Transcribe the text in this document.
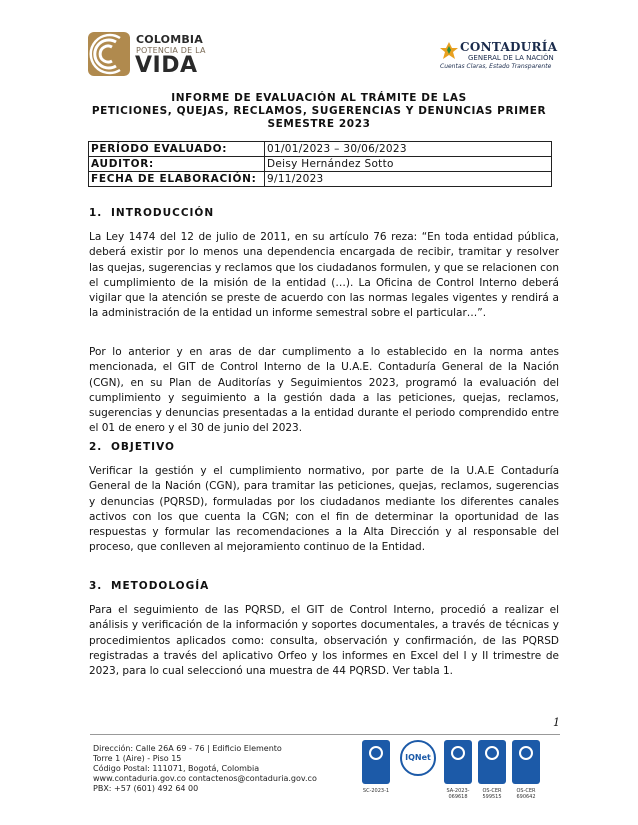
COLOMBIA
POTENCIA DE LA
VIDA
CONTADURÍA
GENERAL DE LA NACIÓN
Cuentas Claras, Estado Transparente
INFORME DE EVALUACIÓN AL TRÁMITE DE LAS
PETICIONES, QUEJAS, RECLAMOS, SUGERENCIAS Y DENUNCIAS PRIMER
SEMESTRE 2023
PERÍODO EVALUADO:	01/01/2023 – 30/06/2023
AUDITOR:	Deisy Hernández Sotto
FECHA DE ELABORACIÓN:	9/11/2023
1. INTRODUCCIÓN

La Ley 1474 del 12 de julio de 2011, en su artículo 76 reza: “En toda entidad pública, deberá existir por lo menos una dependencia encargada de recibir, tramitar y resolver las quejas, sugerencias y reclamos que los ciudadanos formulen, y que se relacionen con el cumplimiento de la misión de la entidad (…). La Oficina de Control Interno deberá vigilar que la atención se preste de acuerdo con las normas legales vigentes y rendirá a la administración de la entidad un informe semestral sobre el particular…”.

Por lo anterior y en aras de dar cumplimento a lo establecido en la norma antes mencionada, el GIT de Control Interno de la U.A.E. Contaduría General de la Nación (CGN), en su Plan de Auditorías y Seguimientos 2023, programó la evaluación del cumplimiento y seguimiento a la gestión dada a las peticiones, quejas, reclamos, sugerencias y denuncias presentadas a la entidad durante el periodo comprendido entre el 01 de enero y el 30 de junio del 2023.

2. OBJETIVO

Verificar la gestión y el cumplimiento normativo, por parte de la U.A.E Contaduría General de la Nación (CGN), para tramitar las peticiones, quejas, reclamos, sugerencias y denuncias (PQRSD), formuladas por los ciudadanos mediante los diferentes canales activos con los que cuenta la CGN; con el fin de determinar la oportunidad de las respuestas y formular las recomendaciones a la Alta Dirección y al responsable del proceso, que conlleven al mejoramiento continuo de la Entidad.

3. METODOLOGÍA

Para el seguimiento de las PQRSD, el GIT de Control Interno, procedió a realizar el análisis y verificación de la información y soportes documentales, a través de técnicas y procedimientos aplicados como: consulta, observación y confirmación, de las PQRSD registradas a través del aplicativo Orfeo y los informes en Excel del I y II trimestre de 2023, para lo cual seleccionó una muestra de 44 PQRSD. Ver tabla 1.

1
Dirección: Calle 26A 69 - 76 | Edificio Elemento
Torre 1 (Aire) - Piso 15
Código Postal: 111071, Bogotá, Colombia
www.contaduria.gov.co contactenos@contaduria.gov.co
PBX: +57 (601) 492 64 00	SC-2023-1
IQNet
SA-2023-069618
OS-CER 599515
OS-CER 690642
